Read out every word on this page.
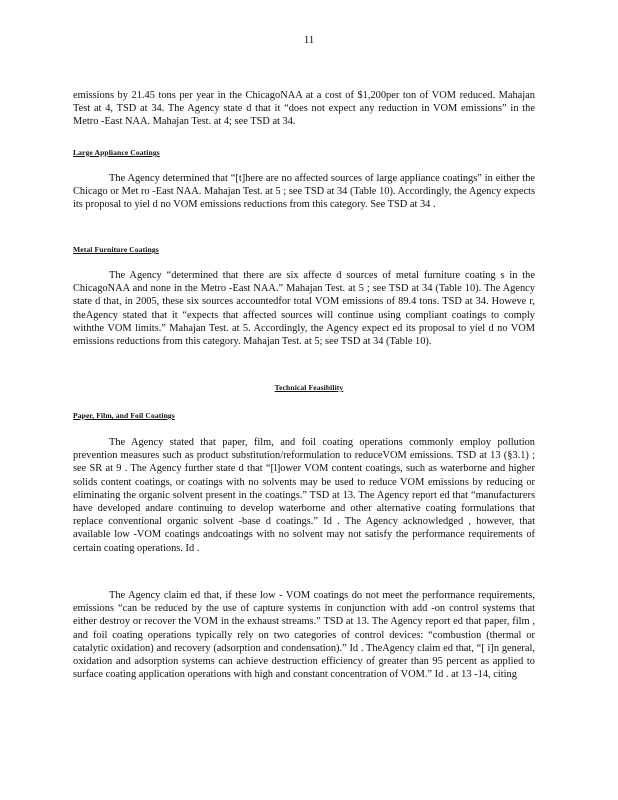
11

emissions by 21.45 tons per year in the ChicagoNAA at a cost of $1,200per ton of VOM reduced. Mahajan Test at 4, TSD at 34. The Agency state d that it “does not expect any reduction in VOM emissions” in the Metro -East NAA. Mahajan Test. at 4; see TSD at 34.

Large Appliance Coatings

The Agency determined that “[t]here are no affected sources of large appliance coatings” in either the Chicago or Met ro -East NAA. Mahajan Test. at 5 ; see TSD at 34 (Table 10). Accordingly, the Agency expects its proposal to yiel d no VOM emissions reductions from this category. See TSD at 34 .

Metal Furniture Coatings

The Agency “determined that there are six affecte d sources of metal furniture coating s in the ChicagoNAA and none in the Metro -East NAA.” Mahajan Test. at 5 ; see TSD at 34 (Table 10). The Agency state d that, in 2005, these six sources accountedfor total VOM emissions of 89.4 tons. TSD at 34. Howeve r, theAgency stated that it “expects that affected sources will continue using compliant coatings to comply withthe VOM limits.” Mahajan Test. at 5. Accordingly, the Agency expect ed its proposal to yiel d no VOM emissions reductions from this category. Mahajan Test. at 5; see TSD at 34 (Table 10).

Technical Feasibility
Paper, Film, and Foil Coatings

The Agency stated that paper, film, and foil coating operations commonly employ pollution prevention measures such as product substitution/reformulation to reduceVOM emissions. TSD at 13 (§3.1) ; see SR at 9 . The Agency further state d that “[l]ower VOM content coatings, such as waterborne and higher solids content coatings, or coatings with no solvents may be used to reduce VOM emissions by reducing or eliminating the organic solvent present in the coatings.” TSD at 13. The Agency report ed that “manufacturers have developed andare continuing to develop waterborne and other alternative coating formulations that replace conventional organic solvent -base d coatings.” Id . The Agency acknowledged , however, that available low -VOM coatings andcoatings with no solvent may not satisfy the performance requirements of certain coating operations. Id .

The Agency claim ed that, if these low - VOM coatings do not meet the performance requirements, emissions “can be reduced by the use of capture systems in conjunction with add -on control systems that either destroy or recover the VOM in the exhaust streams.” TSD at 13. The Agency report ed that paper, film , and foil coating operations typically rely on two categories of control devices: “combustion (thermal or catalytic oxidation) and recovery (adsorption and condensation).” Id . TheAgency claim ed that, “[ i]n general, oxidation and adsorption systems can achieve destruction efficiency of greater than 95 percent as applied to surface coating application operations with high and constant concentration of VOM.” Id . at 13 -14, citing
